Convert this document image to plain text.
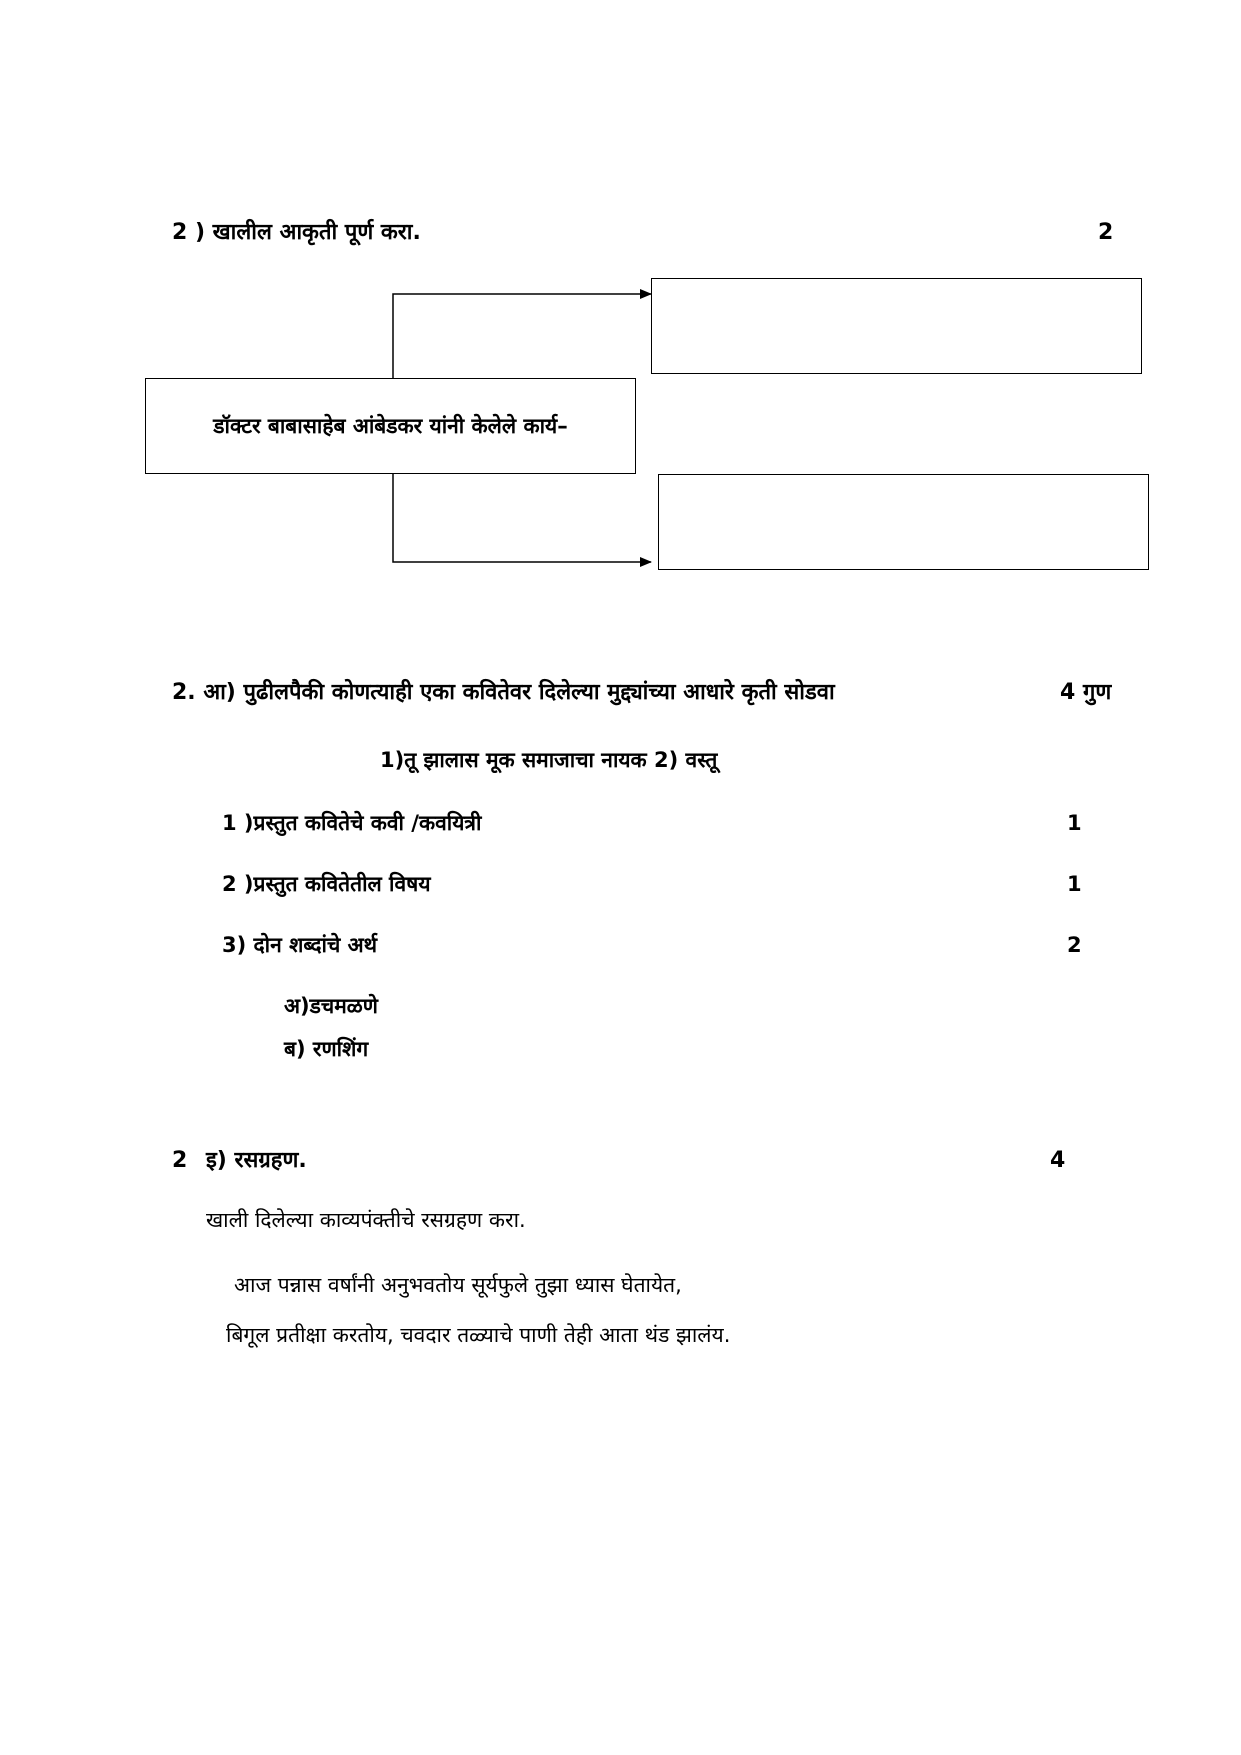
2 ) खालील आकृती पूर्ण करा.	2
डॉक्टर बाबासाहेब आंबेडकर यांनी केलेले कार्य–
2. आ) पुढीलपैकी कोणत्याही एका कवितेवर दिलेल्या मुद्द्यांच्या आधारे कृती सोडवा	4 गुण
1)तू झालास मूक समाजाचा नायक 2) वस्तू
1 )प्रस्तुत कवितेचे कवी /कवयित्री	1
2 )प्रस्तुत कवितेतील विषय	1
3) दोन शब्दांचे अर्थ	2
अ)डचमळणे
ब) रणशिंग
2 इ) रसग्रहण.	4
खाली दिलेल्या काव्यपंक्तीचे रसग्रहण करा.
आज पन्नास वर्षांनी अनुभवतोय सूर्यफुले तुझा ध्यास घेतायेत,
बिगूल प्रतीक्षा करतोय, चवदार तळ्याचे पाणी तेही आता थंड झालंय.
